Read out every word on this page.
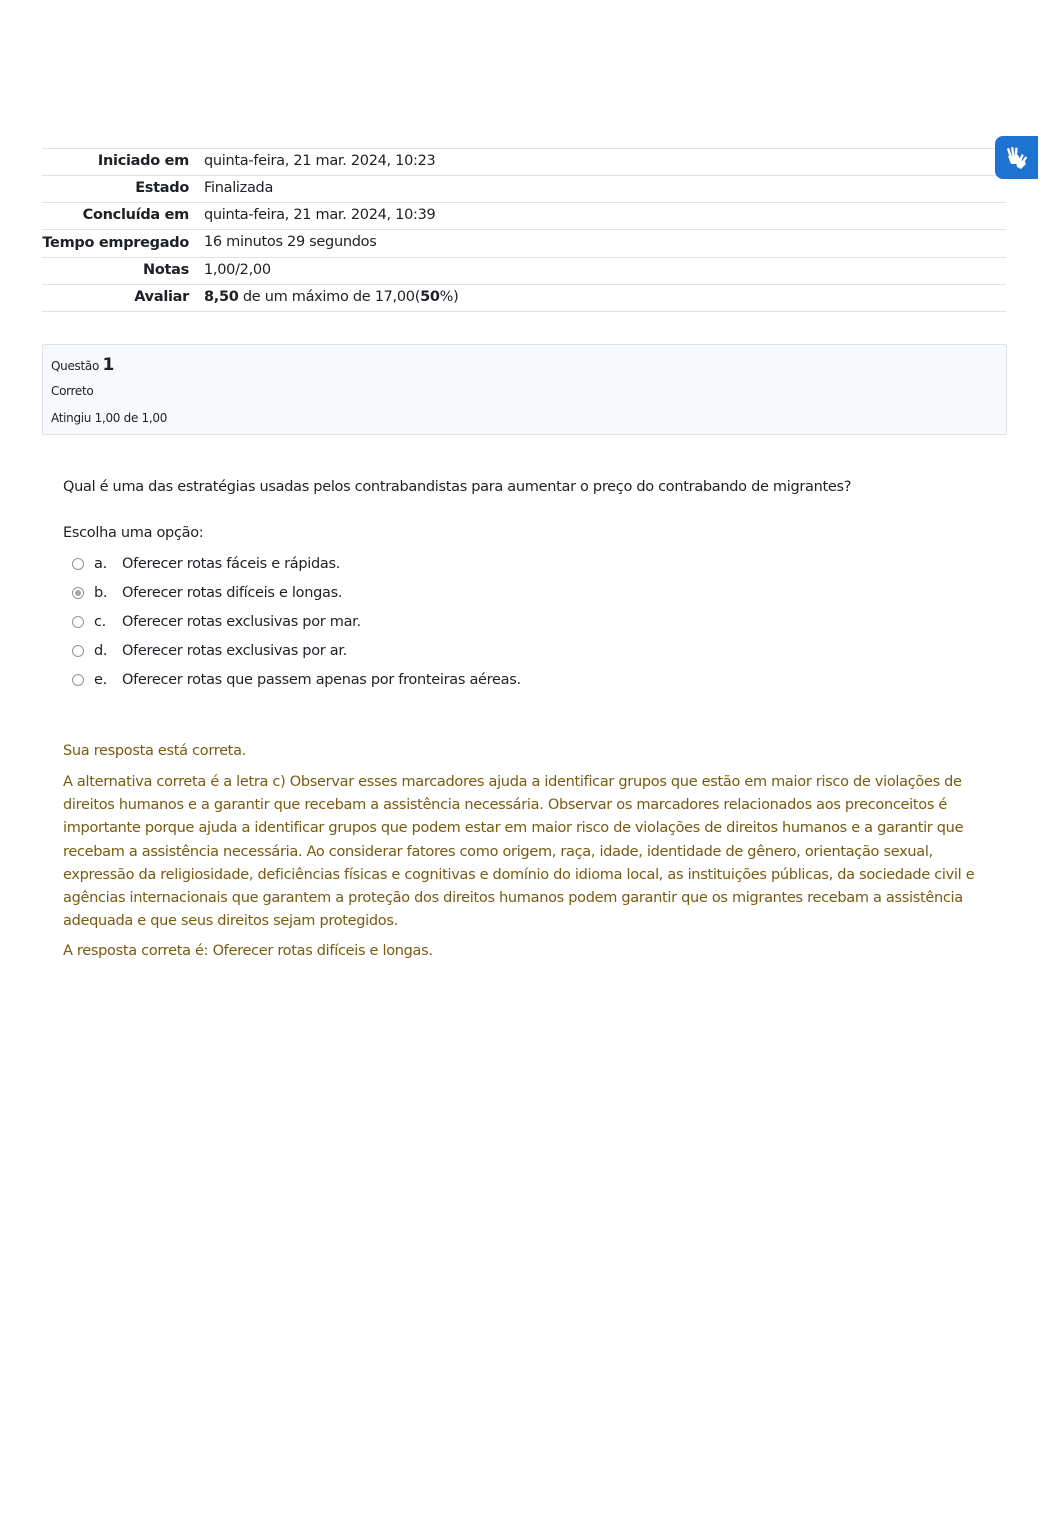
Iniciado em	quinta-feira, 21 mar. 2024, 10:23
Estado	Finalizada
Concluída em	quinta-feira, 21 mar. 2024, 10:39
Tempo empregado	16 minutos 29 segundos
Notas	1,00/2,00
Avaliar	8,50 de um máximo de 17,00(50%)
Questão 1
Correto
Atingiu 1,00 de 1,00
Qual é uma das estratégias usadas pelos contrabandistas para aumentar o preço do contrabando de migrantes?
Escolha uma opção:
a.	Oferecer rotas fáceis e rápidas.
b.	Oferecer rotas difíceis e longas.
c.	Oferecer rotas exclusivas por mar.
d.	Oferecer rotas exclusivas por ar.
e.	Oferecer rotas que passem apenas por fronteiras aéreas.

Sua resposta está correta.

A alternativa correta é a letra c) Observar esses marcadores ajuda a identificar grupos que estão em maior risco de violações de direitos humanos e a garantir que recebam a assistência necessária. Observar os marcadores relacionados aos preconceitos é importante porque ajuda a identificar grupos que podem estar em maior risco de violações de direitos humanos e a garantir que recebam a assistência necessária. Ao considerar fatores como origem, raça, idade, identidade de gênero, orientação sexual, expressão da religiosidade, deficiências físicas e cognitivas e domínio do idioma local, as instituições públicas, da sociedade civil e agências internacionais que garantem a proteção dos direitos humanos podem garantir que os migrantes recebam a assistência adequada e que seus direitos sejam protegidos.

A resposta correta é: Oferecer rotas difíceis e longas.
